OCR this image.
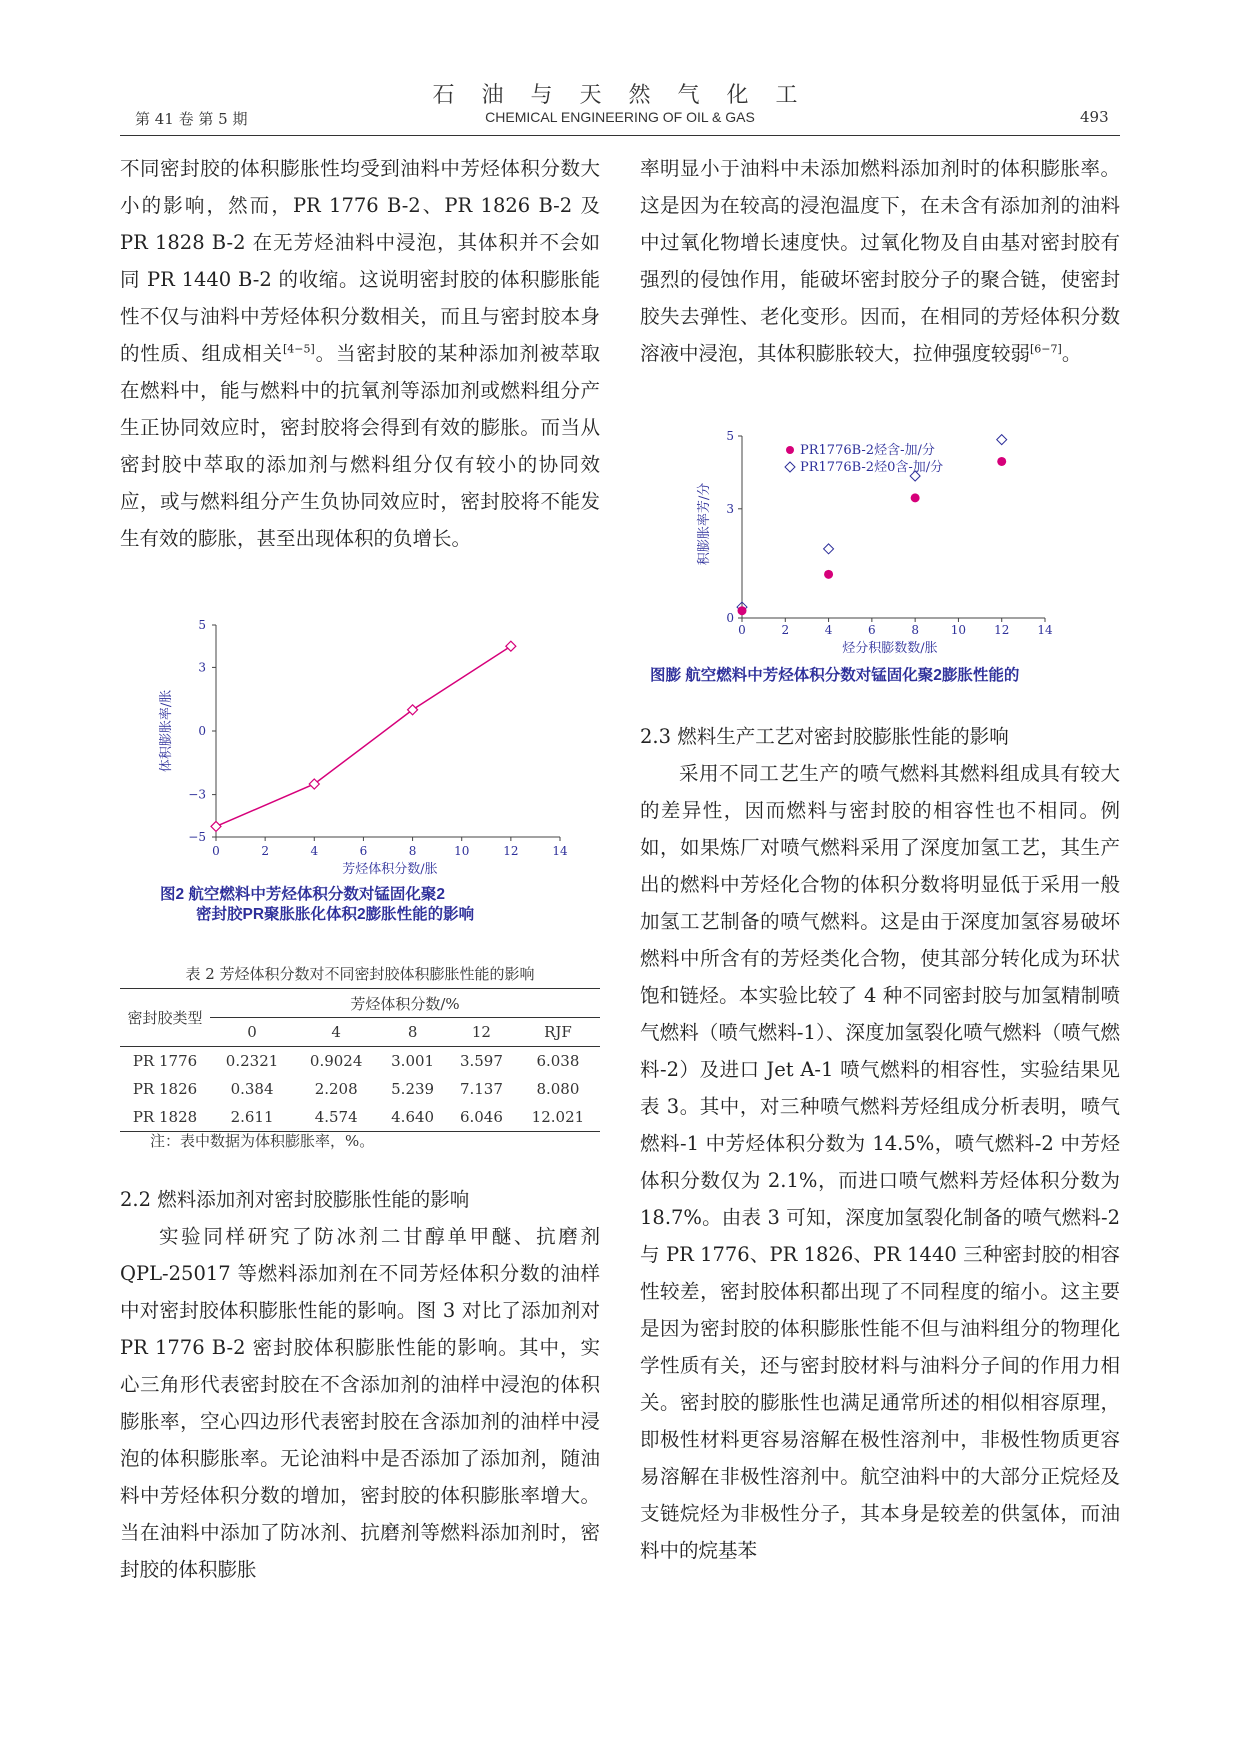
石 油 与 天 然 气 化 工
第 41 卷 第 5 期	CHEMICAL ENGINEERING OF OIL & GAS	493

不同密封胶的体积膨胀性均受到油料中芳烃体积分数大小的影响，然而，PR 1776 B-2、PR 1826 B-2 及 PR 1828 B-2 在无芳烃油料中浸泡，其体积并不会如同 PR 1440 B-2 的收缩。这说明密封胶的体积膨胀能性不仅与油料中芳烃体积分数相关，而且与密封胶本身的性质、组成相关[4−5]。当密封胶的某种添加剂被萃取在燃料中，能与燃料中的抗氧剂等添加剂或燃料组分产生正协同效应时，密封胶将会得到有效的膨胀。而当从密封胶中萃取的添加剂与燃料组分仅有较小的协同效应，或与燃料组分产生负协同效应时，密封胶将不能发生有效的膨胀，甚至出现体积的负增长。

率明显小于油料中未添加燃料添加剂时的体积膨胀率。这是因为在较高的浸泡温度下，在未含有添加剂的油料中过氧化物增长速度快。过氧化物及自由基对密封胶有强烈的侵蚀作用，能破坏密封胶分子的聚合链，使密封胶失去弹性、老化变形。因而，在相同的芳烃体积分数溶液中浸泡，其体积膨胀较大，拉伸强度较弱[6−7]。

0	2	4	6	8	10	12	14
5
3
0
−3
−5
体积膨胀率/胀
芳烃体积分数/胀
图2 航空燃料中芳烃体积分数对锰固化聚2
密封胶PR聚胀胀化体积2膨胀性能的影响
0	2	4	6	8	10 12 14
5
3
0
PR1776B-2烃含-加/分
PR1776B-2烃0含-加/分
积膨胀率芳/分
烃分积膨数数/胀
图膨 航空燃料中芳烃体积分数对锰固化聚2膨胀性能的

2.3 燃料生产工艺对密封胶膨胀性能的影响

采用不同工艺生产的喷气燃料其燃料组成具有较大的差异性，因而燃料与密封胶的相容性也不相同。例如，如果炼厂对喷气燃料采用了深度加氢工艺，其生产出的燃料中芳烃化合物的体积分数将明显低于采用一般加氢工艺制备的喷气燃料。这是由于深度加氢容易破坏燃料中所含有的芳烃类化合物，使其部分转化成为环状饱和链烃。本实验比较了 4 种不同密封胶与加氢精制喷气燃料（喷气燃料-1）、深度加氢裂化喷气燃料（喷气燃料-2）及进口 Jet A-1 喷气燃料的相容性，实验结果见表 3。其中，对三种喷气燃料芳烃组成分析表明，喷气燃料-1 中芳烃体积分数为 14.5%，喷气燃料-2 中芳烃体积分数仅为 2.1%，而进口喷气燃料芳烃体积分数为 18.7%。由表 3 可知，深度加氢裂化制备的喷气燃料-2 与 PR 1776、PR 1826、PR 1440 三种密封胶的相容性较差，密封胶体积都出现了不同程度的缩小。这主要是因为密封胶的体积膨胀性能不但与油料组分的物理化学性质有关，还与密封胶材料与油料分子间的作用力相关。密封胶的膨胀性也满足通常所述的相似相容原理，即极性材料更容易溶解在极性溶剂中，非极性物质更容易溶解在非极性溶剂中。航空油料中的大部分正烷烃及支链烷烃为非极性分子，其本身是较差的供氢体，而油料中的烷基苯

表 2 芳烃体积分数对不同密封胶体积膨胀性能的影响
密封胶类型	芳烃体积分数/%				
	0	4	8	12	RJF
PR 1776	0.2321	0.9024	3.001	3.597	6.038
PR 1826	0.384	2.208	5.239	7.137	8.080
PR 1828	2.611	4.574	4.640	6.046	12.021
注：表中数据为体积膨胀率，%。

2.2 燃料添加剂对密封胶膨胀性能的影响

实验同样研究了防冰剂二甘醇单甲醚、抗磨剂 QPL-25017 等燃料添加剂在不同芳烃体积分数的油样中对密封胶体积膨胀性能的影响。图 3 对比了添加剂对 PR 1776 B-2 密封胶体积膨胀性能的影响。其中，实心三角形代表密封胶在不含添加剂的油样中浸泡的体积膨胀率，空心四边形代表密封胶在含添加剂的油样中浸泡的体积膨胀率。无论油料中是否添加了添加剂，随油料中芳烃体积分数的增加，密封胶的体积膨胀率增大。当在油料中添加了防冰剂、抗磨剂等燃料添加剂时，密封胶的体积膨胀
